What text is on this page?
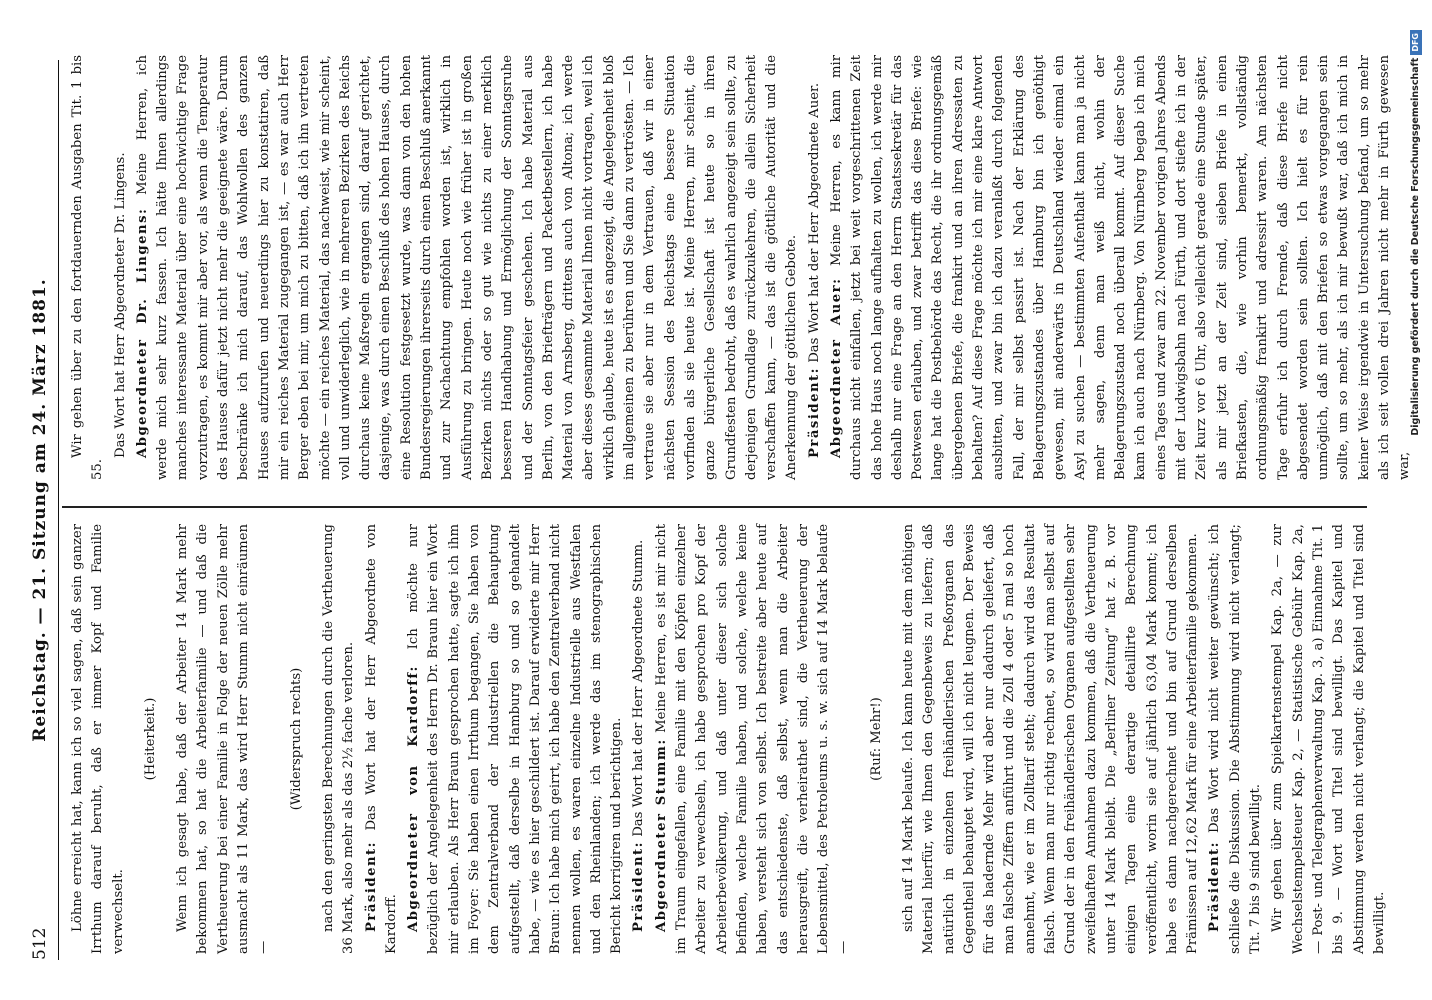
512
Reichstag. — 21. Sitzung am 24. März 1881. Löhne erreicht hat, kann ich so viel sagen, daß sein ganzer Irrthum darauf beruht, daß er immer Kopf und Familie verwechselt.

(Heiterkeit.) Wenn ich gesagt habe, daß der Arbeiter 14 Mark mehr bekommen hat, so hat die Arbeiterfamilie — und daß die Vertheuerung bei einer Familie in Folge der neuen Zölle mehr ausmacht als 11 Mark, das wird Herr Stumm nicht einräumen —

(Widerspruch rechts) nach den geringsten Berechnungen durch die Vertheuerung 36 Mark, also mehr als das 2½ fache verloren. Präsident: Das Wort hat der Herr Abgeordnete von Kardorff. Abgeordneter von Kardorff: Ich möchte nur bezüglich der Angelegenheit des Herrn Dr. Braun hier ein Wort mir erlauben. Als Herr Braun gesprochen hatte, sagte ich ihm im Foyer: Sie haben einen Irrthum begangen, Sie haben von dem Zentralverband der Industriellen die Behauptung aufgestellt, daß derselbe in Hamburg so und so gehandelt habe, — wie es hier geschildert ist. Darauf erwiderte mir Herr Braun: Ich habe mich geirrt, ich habe den Zentralverband nicht nennen wollen, es waren einzelne Industrielle aus Westfalen und den Rheinlanden; ich werde das im stenographischen Bericht korrigiren und berichtigen. Präsident: Das Wort hat der Herr Abgeordnete Stumm. Abgeordneter Stumm: Meine Herren, es ist mir nicht im Traum eingefallen, eine Familie mit den Köpfen einzelner Arbeiter zu verwechseln, ich habe gesprochen pro Kopf der Arbeiterbevölkerung, und daß unter dieser sich solche befinden, welche Familie haben, und solche, welche keine haben, versteht sich von selbst. Ich bestreite aber heute auf das entschiedenste, daß selbst, wenn man die Arbeiter herausgreift, die verheirathet sind, die Vertheuerung der Lebensmittel, des Petroleums u. s. w. sich auf 14 Mark belaufe —

(Ruf: Mehr!) sich auf 14 Mark belaufe. Ich kann heute mit dem nöthigen Material hierfür, wie Ihnen den Gegenbeweis zu liefern; daß natürlich in einzelnen freihändlerischen Preßorganen das Gegentheil behauptet wird, will ich nicht leugnen. Der Beweis für das hadernde Mehr wird aber nur dadurch geliefert, daß man falsche Ziffern anführt und die Zoll 4 oder 5 mal so hoch annehmt, wie er im Zolltarif steht; dadurch wird das Resultat falsch. Wenn man nur richtig rechnet, so wird man selbst auf Grund der in den freihändlerischen Organen aufgestellten sehr zweifelhaften Annahmen dazu kommen, daß die Vertheuerung unter 14 Mark bleibt. Die „Berliner Zeitung“ hat z. B. vor einigen Tagen eine derartige detaillirte Berechnung veröffentlicht, worin sie auf jährlich 63,04 Mark kommt; ich habe es dann nachgerechnet und bin auf Grund derselben Prämissen auf 12,62 Mark für eine Arbeiterfamilie gekommen. Präsident: Das Wort wird nicht weiter gewünscht; ich schließe die Diskussion. Die Abstimmung wird nicht verlangt; Tit. 7 bis 9 sind bewilligt. Wir gehen über zum Spielkartenstempel Kap. 2a, — zur Wechselstempelsteuer Kap. 2, — Statistische Gebühr Kap. 2a, — Post- und Telegraphenverwaltung Kap. 3, a) Einnahme Tit. 1 bis 9. — Wort und Titel sind bewilligt. Das Kapitel und Abstimmung werden nicht verlangt; die Kapitel und Titel sind bewilligt.

Wir gehen über zu den fortdauernden Ausgaben Tit. 1 bis 55.

Das Wort hat Herr Abgeordneter Dr. Lingens. Abgeordneter Dr. Lingens: Meine Herren, ich werde mich sehr kurz fassen. Ich hätte Ihnen allerdings manches interessante Material über eine hochwichtige Frage vorzutragen, es kommt mir aber vor, als wenn die Temperatur des Hauses dafür jetzt nicht mehr die geeignete wäre. Darum beschränke ich mich darauf, das Wohlwollen des ganzen Hauses aufzurufen und neuerdings hier zu konstatiren, daß mir ein reiches Material zugegangen ist, — es war auch Herr Berger eben bei mir, um mich zu bitten, daß ich ihn vertreten möchte — ein reiches Material, das nachweist, wie mir scheint, voll und unwiderleglich, wie in mehreren Bezirken des Reichs durchaus keine Maßregeln ergangen sind, darauf gerichtet, dasjenige, was durch einen Beschluß des hohen Hauses, durch eine Resolution festgesetzt wurde, was dann von den hohen Bundesregierungen ihrerseits durch einen Beschluß anerkannt und zur Nachachtung empfohlen worden ist, wirklich in Ausführung zu bringen. Heute noch wie früher ist in großen Bezirken nichts oder so gut wie nichts zu einer merklich besseren Handhabung und Ermöglichung der Sonntagsruhe und der Sonntagsfeier geschehen. Ich habe Material aus Berlin, von den Briefträgern und Packetbestellern, ich habe Material von Arnsberg, drittens auch von Altona; ich werde aber dieses gesammte Material Ihnen nicht vortragen, weil ich wirklich glaube, heute ist es angezeigt, die Angelegenheit bloß im allgemeinen zu berühren und Sie dann zu vertrösten. — Ich vertraue sie aber nur in dem Vertrauen, daß wir in einer nächsten Session des Reichstags eine bessere Situation vorfinden als sie heute ist. Meine Herren, mir scheint, die ganze bürgerliche Gesellschaft ist heute so in ihren Grundfesten bedroht, daß es wahrlich angezeigt sein sollte, zu derjenigen Grundlage zurückzukehren, die allein Sicherheit verschaffen kann, — das ist die göttliche Autorität und die Anerkennung der göttlichen Gebote. Präsident: Das Wort hat der Herr Abgeordnete Auer.

Abgeordneter Auer: Meine Herren, es kann mir durchaus nicht einfallen, jetzt bei weit vorgeschrittenen Zeit das hohe Haus noch lange aufhalten zu wollen, ich werde mir deshalb nur eine Frage an den Herrn Staatssekretär für das Postwesen erlauben, und zwar betrifft das diese Briefe: wie lange hat die Postbehörde das Recht, die ihr ordnungsgemäß übergebenen Briefe, die frankirt und an ihren Adressaten zu behalten? Auf diese Frage möchte ich mir eine klare Antwort ausbitten, und zwar bin ich dazu veranlaßt durch folgenden Fall, der mir selbst passirt ist. Nach der Erklärung des Belagerungszustandes über Hamburg bin ich genöthigt gewesen, mit anderwärts in Deutschland wieder einmal ein Asyl zu suchen — bestimmten Aufenthalt kann man ja nicht mehr sagen, denn man weiß nicht, wohin der Belagerungszustand noch überall kommt. Auf dieser Suche kam ich auch nach Nürnberg. Von Nürnberg begab ich mich eines Tages und zwar am 22. November vorigen Jahres Abends mit der Ludwigsbahn nach Fürth, und dort stiefte ich in der Zeit kurz vor 6 Uhr, also vielleicht gerade eine Stunde später, als mir jetzt an der Zeit sind, sieben Briefe in einen Briefkasten, die, wie vorhin bemerkt, vollständig ordnungsmäßig frankirt und adressirt waren. Am nächsten Tage erfuhr ich durch Fremde, daß diese Briefe nicht abgesendet worden sein sollten. Ich hielt es für rein unmöglich, daß mit den Briefen so etwas vorgegangen sein sollte, um so mehr, als ich mir bewußt war, daß ich mich in keiner Weise irgendwie in Untersuchung befand, um so mehr als ich seit vollen drei Jahren nicht mehr in Fürth gewesen war,

Digitalisierung gefördert durch die Deutsche ForschungsgemeinschaftDFG
